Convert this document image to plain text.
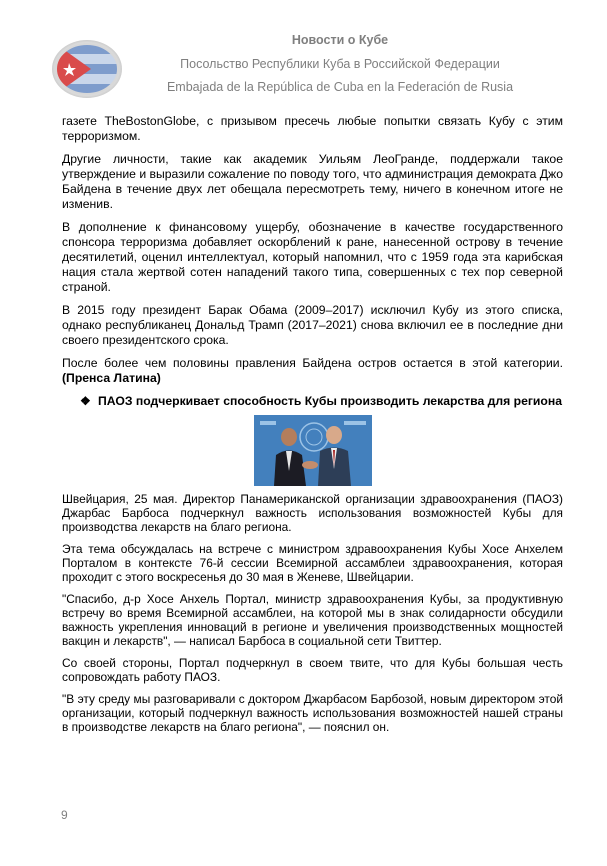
Новости о Кубе
Посольство Республики Куба в Российской Федерации
Embajada de la República de Cuba en la Federación de Rusia

газете TheBostonGlobe, с призывом пресечь любые попытки связать Кубу с этим терроризмом.

Другие личности, такие как академик Уильям ЛеоГранде, поддержали такое утверждение и выразили сожаление по поводу того, что администрация демократа Джо Байдена в течение двух лет обещала пересмотреть тему, ничего в конечном итоге не изменив.

В дополнение к финансовому ущербу, обозначение в качестве государственного спонсора терроризма добавляет оскорблений к ране, нанесенной острову в течение десятилетий, оценил интеллектуал, который напомнил, что с 1959 года эта карибская нация стала жертвой сотен нападений такого типа, совершенных с тех пор северной страной.

В 2015 году президент Барак Обама (2009–2017) исключил Кубу из этого списка, однако республиканец Дональд Трамп (2017–2021) снова включил ее в последние дни своего президентского срока.

После более чем половины правления Байдена остров остается в этой категории. (Пренса Латина)

❖ ПАОЗ подчеркивает способность Кубы производить лекарства для региона

Швейцария, 25 мая. Директор Панамериканской организации здравоохранения (ПАОЗ) Джарбас Барбоса подчеркнул важность использования возможностей Кубы для производства лекарств на благо региона.

Эта тема обсуждалась на встрече с министром здравоохранения Кубы Хосе Анхелем Порталом в контексте 76-й сессии Всемирной ассамблеи здравоохранения, которая проходит с этого воскресенья до 30 мая в Женеве, Швейцарии.

"Спасибо, д-р Хосе Анхель Портал, министр здравоохранения Кубы, за продуктивную встречу во время Всемирной ассамблеи, на которой мы в знак солидарности обсудили важность укрепления инноваций в регионе и увеличения производственных мощностей вакцин и лекарств", — написал Барбоса в социальной сети Твиттер.

Со своей стороны, Портал подчеркнул в своем твите, что для Кубы большая честь сопровождать работу ПАОЗ.

"В эту среду мы разговаривали с доктором Джарбасом Барбозой, новым директором этой организации, который подчеркнул важность использования возможностей нашей страны в производстве лекарств на благо региона", — пояснил он.

9
